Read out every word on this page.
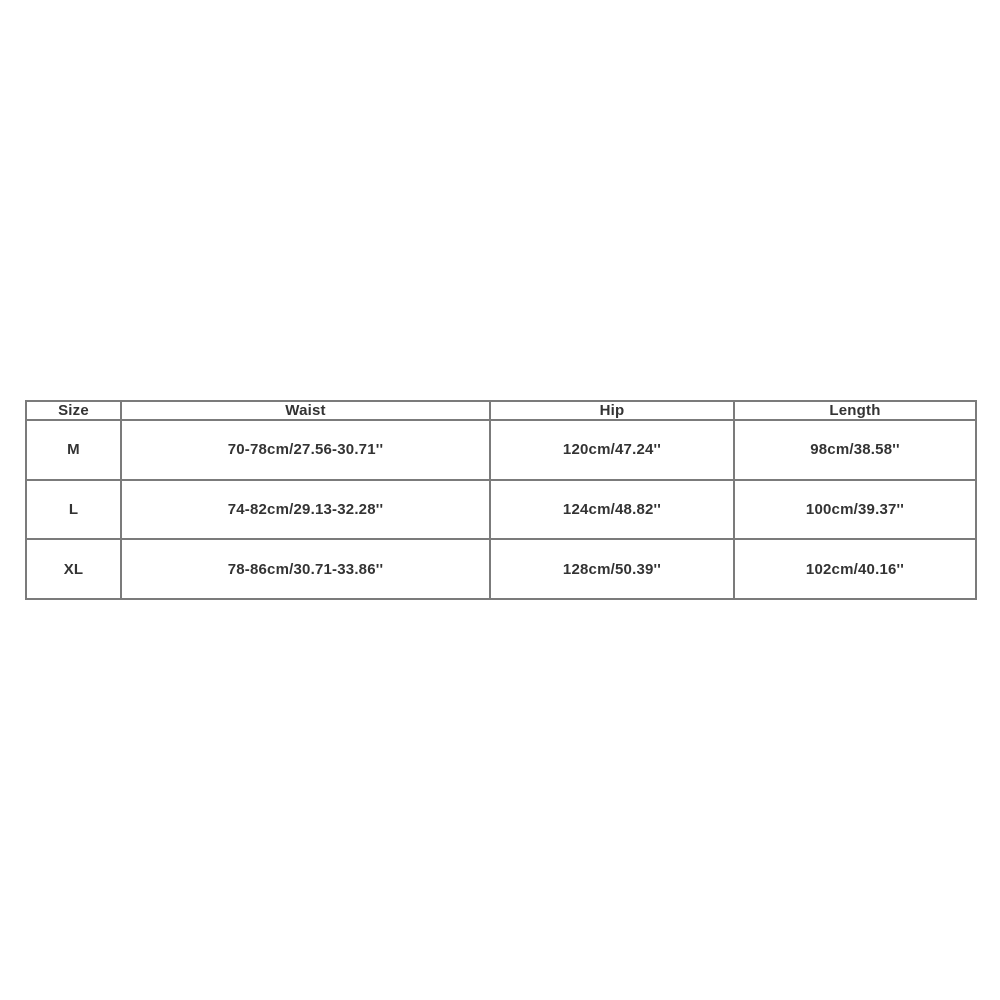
Size	Waist	Hip	Length
M	70-78cm/27.56-30.71''	120cm/47.24''	98cm/38.58''
L	74-82cm/29.13-32.28''	124cm/48.82''	100cm/39.37''
XL	78-86cm/30.71-33.86''	128cm/50.39''	102cm/40.16''
